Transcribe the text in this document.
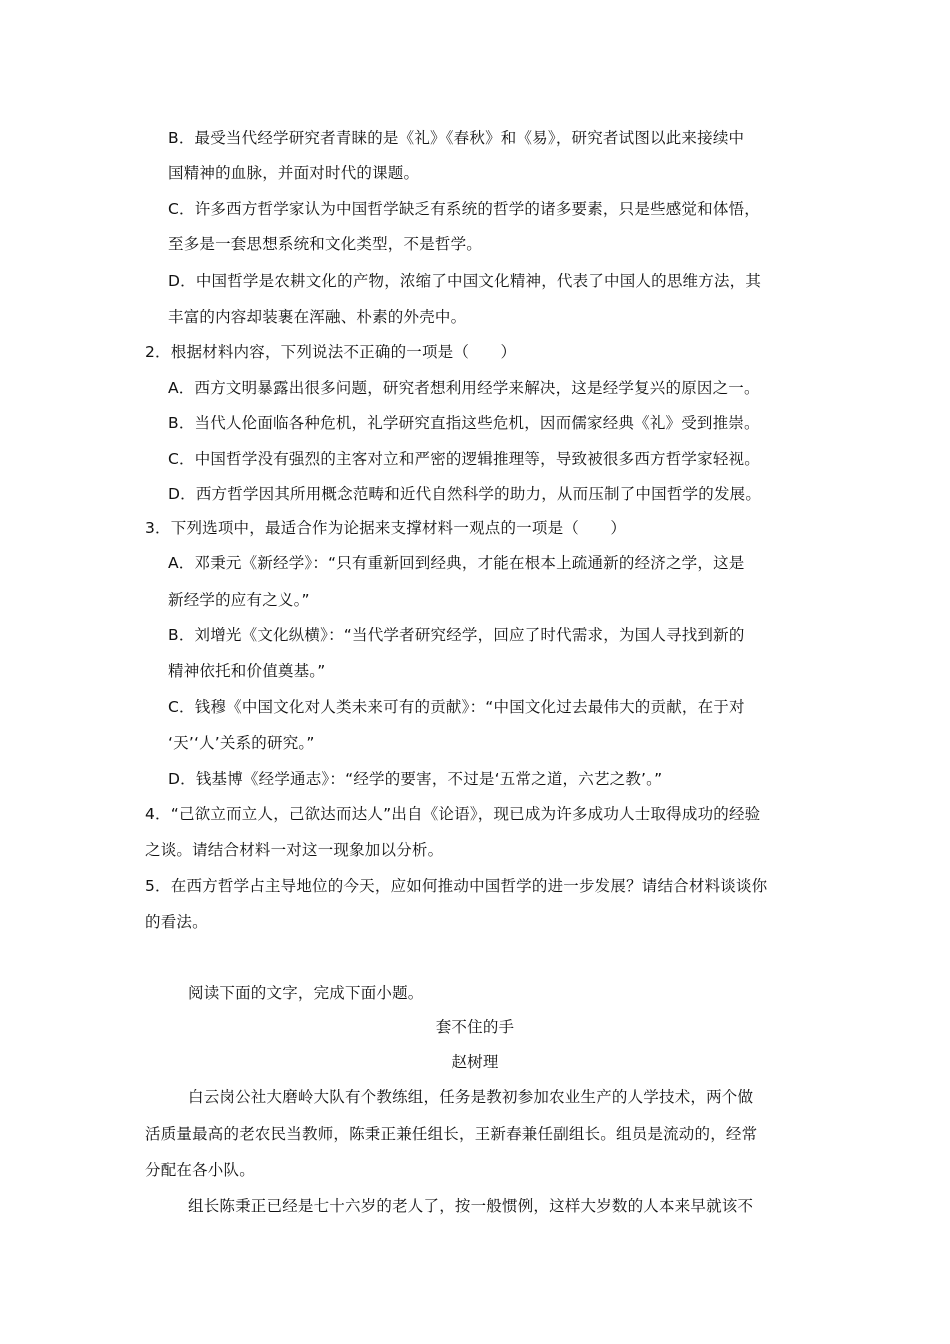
B．最受当代经学研究者青睐的是《礼》《春秋》和《易》，研究者试图以此来接续中
国精神的血脉，并面对时代的课题。
C．许多西方哲学家认为中国哲学缺乏有系统的哲学的诸多要素，只是些感觉和体悟，
至多是一套思想系统和文化类型，不是哲学。
D．中国哲学是农耕文化的产物，浓缩了中国文化精神，代表了中国人的思维方法，其
丰富的内容却装裹在浑融、朴素的外壳中。
2．根据材料内容，下列说法不正确的一项是（　　）
A．西方文明暴露出很多问题，研究者想利用经学来解决，这是经学复兴的原因之一。
B．当代人伦面临各种危机，礼学研究直指这些危机，因而儒家经典《礼》受到推崇。
C．中国哲学没有强烈的主客对立和严密的逻辑推理等，导致被很多西方哲学家轻视。
D．西方哲学因其所用概念范畴和近代自然科学的助力，从而压制了中国哲学的发展。
3．下列选项中，最适合作为论据来支撑材料一观点的一项是（　　）
A．邓秉元《新经学》：“只有重新回到经典，才能在根本上疏通新的经济之学，这是
新经学的应有之义。”
B．刘增光《文化纵横》：“当代学者研究经学，回应了时代需求，为国人寻找到新的
精神依托和价值奠基。”
C．钱穆《中国文化对人类未来可有的贡献》：“中国文化过去最伟大的贡献，在于对
‘天’‘人’关系的研究。”
D．钱基博《经学通志》：“经学的要害，不过是‘五常之道，六艺之教’。”
4．“己欲立而立人，己欲达而达人”出自《论语》，现已成为许多成功人士取得成功的经验
之谈。请结合材料一对这一现象加以分析。
5．在西方哲学占主导地位的今天，应如何推动中国哲学的进一步发展？请结合材料谈谈你
的看法。
阅读下面的文字，完成下面小题。
套不住的手
赵树理
白云岗公社大磨岭大队有个教练组，任务是教初参加农业生产的人学技术，两个做
活质量最高的老农民当教师，陈秉正兼任组长，王新春兼任副组长。组员是流动的，经常
分配在各小队。
组长陈秉正已经是七十六岁的老人了，按一般惯例，这样大岁数的人本来早就该不
